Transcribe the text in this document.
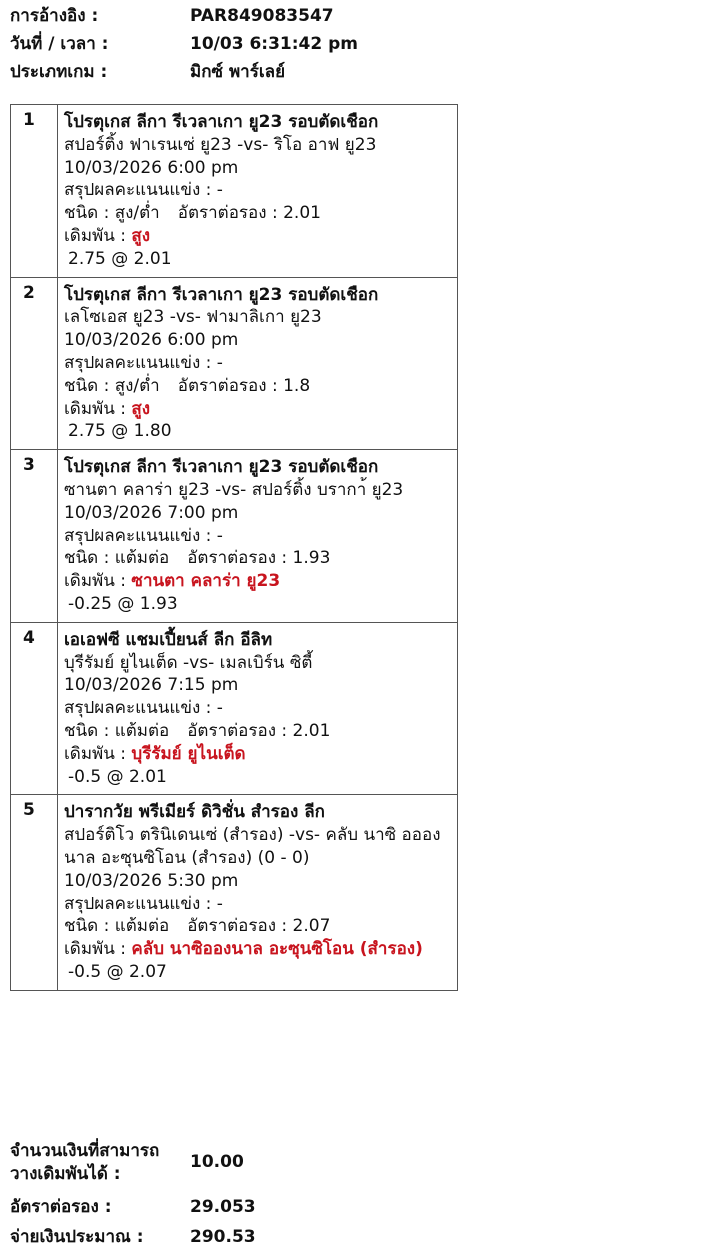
การอ้างอิง :	PAR849083547
วันที่ / เวลา :	10/03 6:31:42 pm
ประเภทเกม :	มิกซ์ พาร์เลย์
1	โปรตุเกส ลีกา รีเวลาเกา ยู23 รอบตัดเชือก
สปอร์ติ้ง ฟาเรนเซ่ ยู23 -vs- ริโอ อาฟ ยู23
10/03/2026 6:00 pm
สรุปผลคะแนนแข่ง : -
ชนิด : สูง/ต่ำ อัตราต่อรอง : 2.01
เดิมพัน : สูง
2.75 @ 2.01
2	โปรตุเกส ลีกา รีเวลาเกา ยู23 รอบตัดเชือก
เลโซเอส ยู23 -vs- ฟามาลิเกา ยู23
10/03/2026 6:00 pm
สรุปผลคะแนนแข่ง : -
ชนิด : สูง/ต่ำ อัตราต่อรอง : 1.8
เดิมพัน : สูง
2.75 @ 1.80
3	โปรตุเกส ลีกา รีเวลาเกา ยู23 รอบตัดเชือก
ซานตา คลาร่า ยู23 -vs- สปอร์ติ้ง บรากา้ ยู23
10/03/2026 7:00 pm
สรุปผลคะแนนแข่ง : -
ชนิด : แต้มต่อ อัตราต่อรอง : 1.93
เดิมพัน : ซานตา คลาร่า ยู23
-0.25 @ 1.93
4	เอเอฟซี แชมเปี้ยนส์ ลีก อีลิท
บุรีรัมย์ ยูไนเต็ด -vs- เมลเบิร์น ซิตี้
10/03/2026 7:15 pm
สรุปผลคะแนนแข่ง : -
ชนิด : แต้มต่อ อัตราต่อรอง : 2.01
เดิมพัน : บุรีรัมย์ ยูไนเต็ด
-0.5 @ 2.01
5	ปารากวัย พรีเมียร์ ดิวิชั่น สำรอง ลีก
สปอร์ติโว ตรินิเดนเซ่ (สำรอง) -vs- คลับ นาซิ ออองนาล อะซุนซิโอน (สำรอง) (0 - 0)
10/03/2026 5:30 pm
สรุปผลคะแนนแข่ง : -
ชนิด : แต้มต่อ อัตราต่อรอง : 2.07
เดิมพัน : คลับ นาซิอองนาล อะซุนซิโอน (สำรอง)
-0.5 @ 2.07
จำนวนเงินที่สามารถวางเดิมพันได้ :
10.00
อัตราต่อรอง :	29.053
จ่ายเงินประมาณ :	290.53
